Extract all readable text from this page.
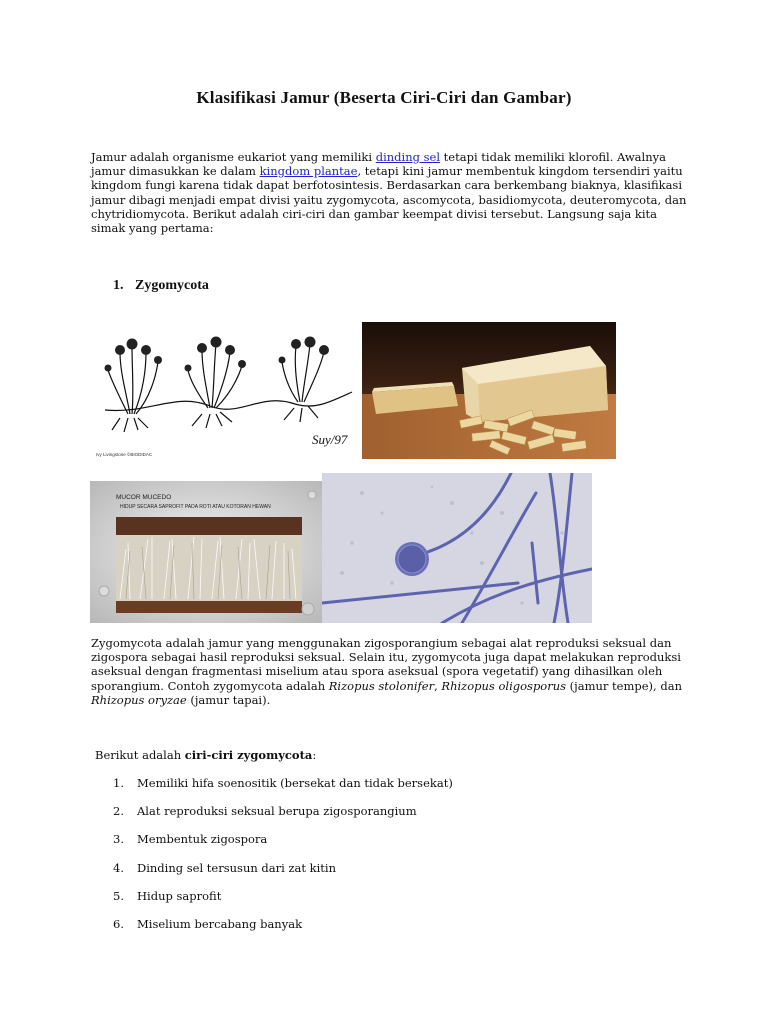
Klasifikasi Jamur (Beserta Ciri-Ciri dan Gambar)
Jamur adalah organisme eukariot yang memiliki dinding sel tetapi tidak memiliki klorofil. Awalnya jamur dimasukkan ke dalam kingdom plantae, tetapi kini jamur membentuk kingdom tersendiri yaitu kingdom fungi karena tidak dapat berfotosintesis. Berdasarkan cara berkembang biaknya, klasifikasi jamur dibagi menjadi empat divisi yaitu zygomycota, ascomycota, basidiomycota, deuteromycota, dan chytridiomycota. Berikut adalah ciri-ciri dan gambar keempat divisi tersebut. Langsung saja kita simak yang pertama:
1. Zygomycota
Suy/97
Ivy Livingstone ©BIODIDAC
MUCOR MUCEDO
HIDUP SECARA SAPROFIT PADA ROTI ATAU KOTORAN HEWAN
Zygomycota adalah jamur yang menggunakan zigosporangium sebagai alat reproduksi seksual dan zigospora sebagai hasil reproduksi seksual. Selain itu, zygomycota juga dapat melakukan reproduksi aseksual dengan fragmentasi miselium atau spora aseksual (spora vegetatif) yang dihasilkan oleh sporangium. Contoh zygomycota adalah Rizopus stolonifer, Rhizopus oligosporus (jamur tempe), dan Rhizopus oryzae (jamur tapai).
Berikut adalah ciri-ciri zygomycota:
1.	Memiliki hifa soenositik (bersekat dan tidak bersekat)
2.	Alat reproduksi seksual berupa zigosporangium
3.	Membentuk zigospora
4.	Dinding sel tersusun dari zat kitin
5.	Hidup saprofit
6.	Miselium bercabang banyak
